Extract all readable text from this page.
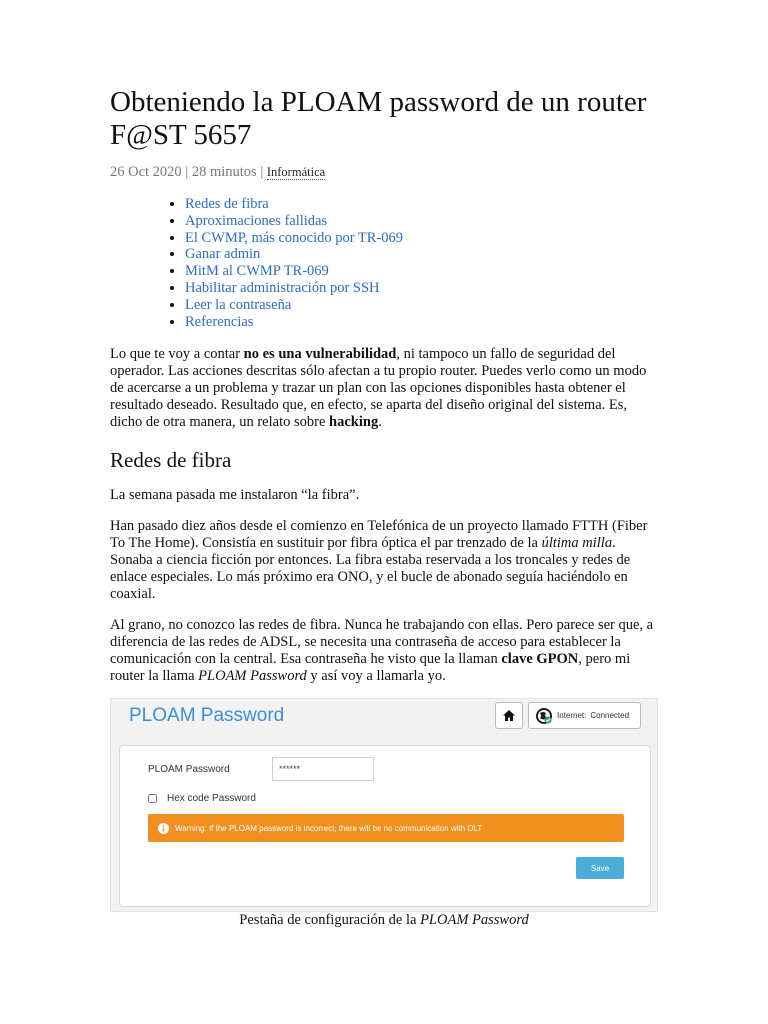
Obteniendo la PLOAM password de un router F@ST 5657
26 Oct 2020 | 28 minutos | Informática
• Redes de fibra
• Aproximaciones fallidas
• El CWMP, más conocido por TR-069
• Ganar admin
• MitM al CWMP TR-069
• Habilitar administración por SSH
• Leer la contraseña
• Referencias

Lo que te voy a contar no es una vulnerabilidad, ni tampoco un fallo de seguridad del operador. Las acciones descritas sólo afectan a tu propio router. Puedes verlo como un modo de acercarse a un problema y trazar un plan con las opciones disponibles hasta obtener el resultado deseado. Resultado que, en efecto, se aparta del diseño original del sistema. Es, dicho de otra manera, un relato sobre hacking.

Redes de fibra

La semana pasada me instalaron “la fibra”.

Han pasado diez años desde el comienzo en Telefónica de un proyecto llamado FTTH (Fiber To The Home). Consistía en sustituir por fibra óptica el par trenzado de la última milla. Sonaba a ciencia ficción por entonces. La fibra estaba reservada a los troncales y redes de enlace especiales. Lo más próximo era ONO, y el bucle de abonado seguía haciéndolo en coaxial.

Al grano, no conozco las redes de fibra. Nunca he trabajando con ellas. Pero parece ser que, a diferencia de las redes de ADSL, se necesita una contraseña de acceso para establecer la comunicación con la central. Esa contraseña he visto que la llaman clave GPON, pero mi router la llama PLOAM Password y así voy a llamarla yo.

PLOAM Password	Internet: Connected
PLOAM Password
******
Hex code Password
Warning: If the PLOAM password is incorrect, there will be no communication with OLT
Save
Pestaña de configuración de la PLOAM Password
